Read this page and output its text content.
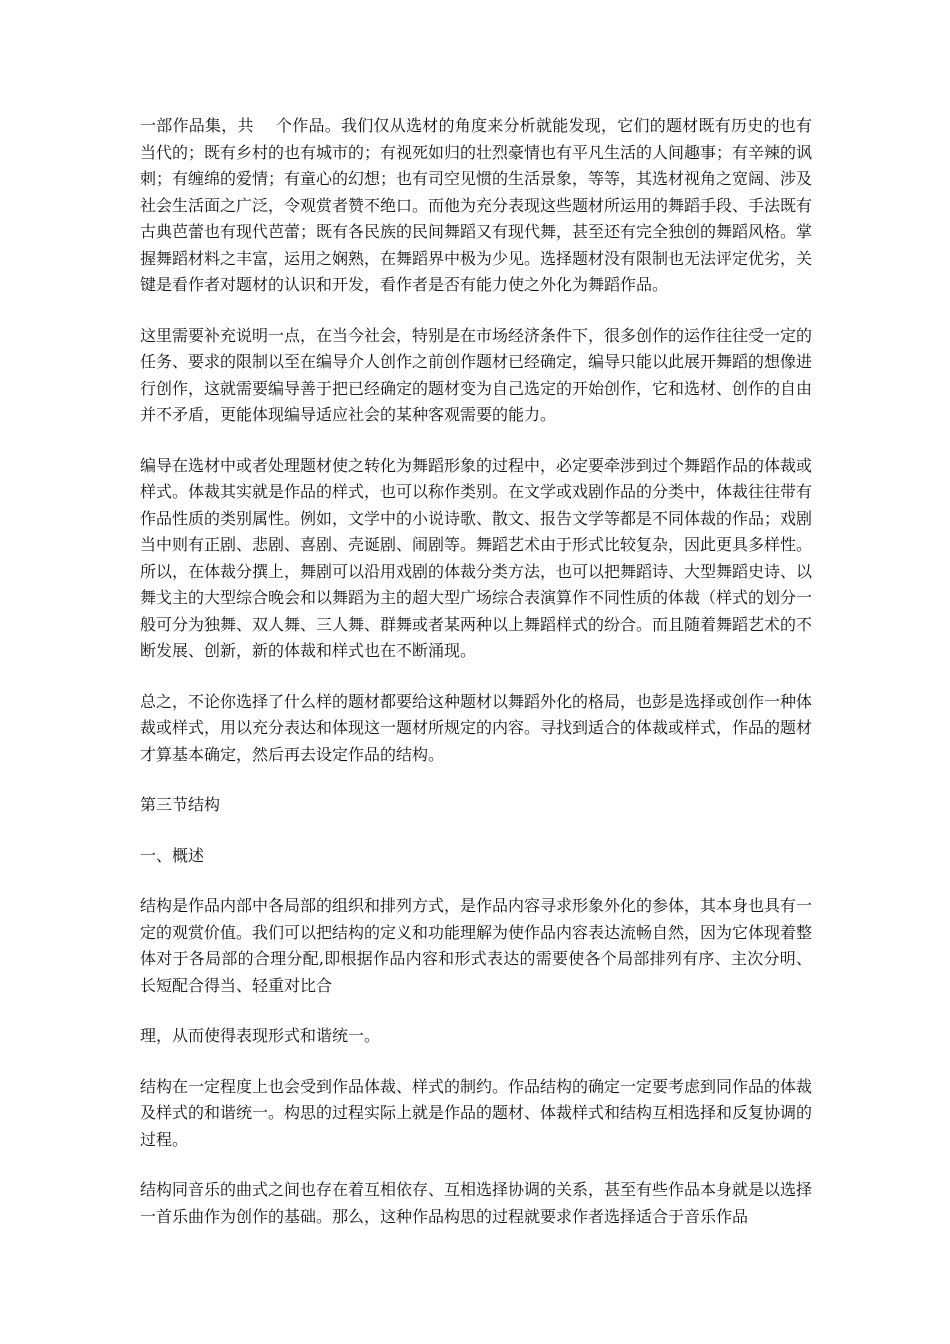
一部作品集，共 个作品。我们仅从选材的角度来分析就能发现，它们的题材既有历史的也有当代的；既有乡村的也有城市的；有视死如归的壮烈豪情也有平凡生活的人间趣事；有辛辣的讽刺；有缠绵的爱情；有童心的幻想；也有司空见惯的生活景象，等等，其选材视角之宽阔、涉及社会生活面之广泛，令观赏者赞不绝口。而他为充分表现这些题材所运用的舞蹈手段、手法既有古典芭蕾也有现代芭蕾；既有各民族的民间舞蹈又有现代舞，甚至还有完全独创的舞蹈风格。掌握舞蹈材料之丰富，运用之娴熟，在舞蹈界中极为少见。选择题材没有限制也无法评定优劣，关键是看作者对题材的认识和开发，看作者是否有能力使之外化为舞蹈作品。

这里需要补充说明一点，在当今社会，特别是在市场经济条件下，很多创作的运作往往受一定的任务、要求的限制以至在编导介人创作之前创作题材已经确定，编导只能以此展开舞蹈的想像进行创作，这就需要编导善于把已经确定的题材变为自己选定的开始创作，它和选材、创作的自由并不矛盾，更能体现编导适应社会的某种客观需要的能力。

编导在选材中或者处理题材使之转化为舞蹈形象的过程中，必定要牵涉到过个舞蹈作品的体裁或样式。体裁其实就是作品的样式，也可以称作类别。在文学或戏剧作品的分类中，体裁往往带有作品性质的类别属性。例如，文学中的小说诗歌、散文、报告文学等都是不同体裁的作品；戏剧当中则有正剧、悲剧、喜剧、壳诞剧、闹剧等。舞蹈艺术由于形式比较复杂，因此更具多样性。所以，在体裁分撰上，舞剧可以沿用戏剧的体裁分类方法，也可以把舞蹈诗、大型舞蹈史诗、以舞戈主的大型综合晚会和以舞蹈为主的超大型广场综合表演算作不同性质的体裁（样式的划分一般可分为独舞、双人舞、三人舞、群舞或者某两种以上舞蹈样式的纷合。而且随着舞蹈艺术的不断发展、创新，新的体裁和样式也在不断涌现。

总之，不论你选择了什么样的题材都要给这种题材以舞蹈外化的格局，也彭是选择或创作一种体裁或样式，用以充分表达和体现这一题材所规定的内容。寻找到适合的体裁或样式，作品的题材才算基本确定，然后再去设定作品的结构。

第三节结构

一、概述

结构是作品内部中各局部的组织和排列方式，是作品内容寻求形象外化的参体，其本身也具有一定的观赏价值。我们可以把结构的定义和功能理解为使作品内容表达流畅自然，因为它体现着整体对于各局部的合理分配,即根据作品内容和形式表达的需要使各个局部排列有序、主次分明、长短配合得当、轻重对比合

理，从而使得表现形式和谐统一。

结构在一定程度上也会受到作品体裁、样式的制约。作品结构的确定一定要考虑到同作品的体裁及样式的和谐统一。构思的过程实际上就是作品的题材、体裁样式和结构互相选择和反复协调的过程。

结构同音乐的曲式之间也存在着互相依存、互相选择协调的关系，甚至有些作品本身就是以选择一首乐曲作为创作的基础。那么，这种作品构思的过程就要求作者选择适合于音乐作品
